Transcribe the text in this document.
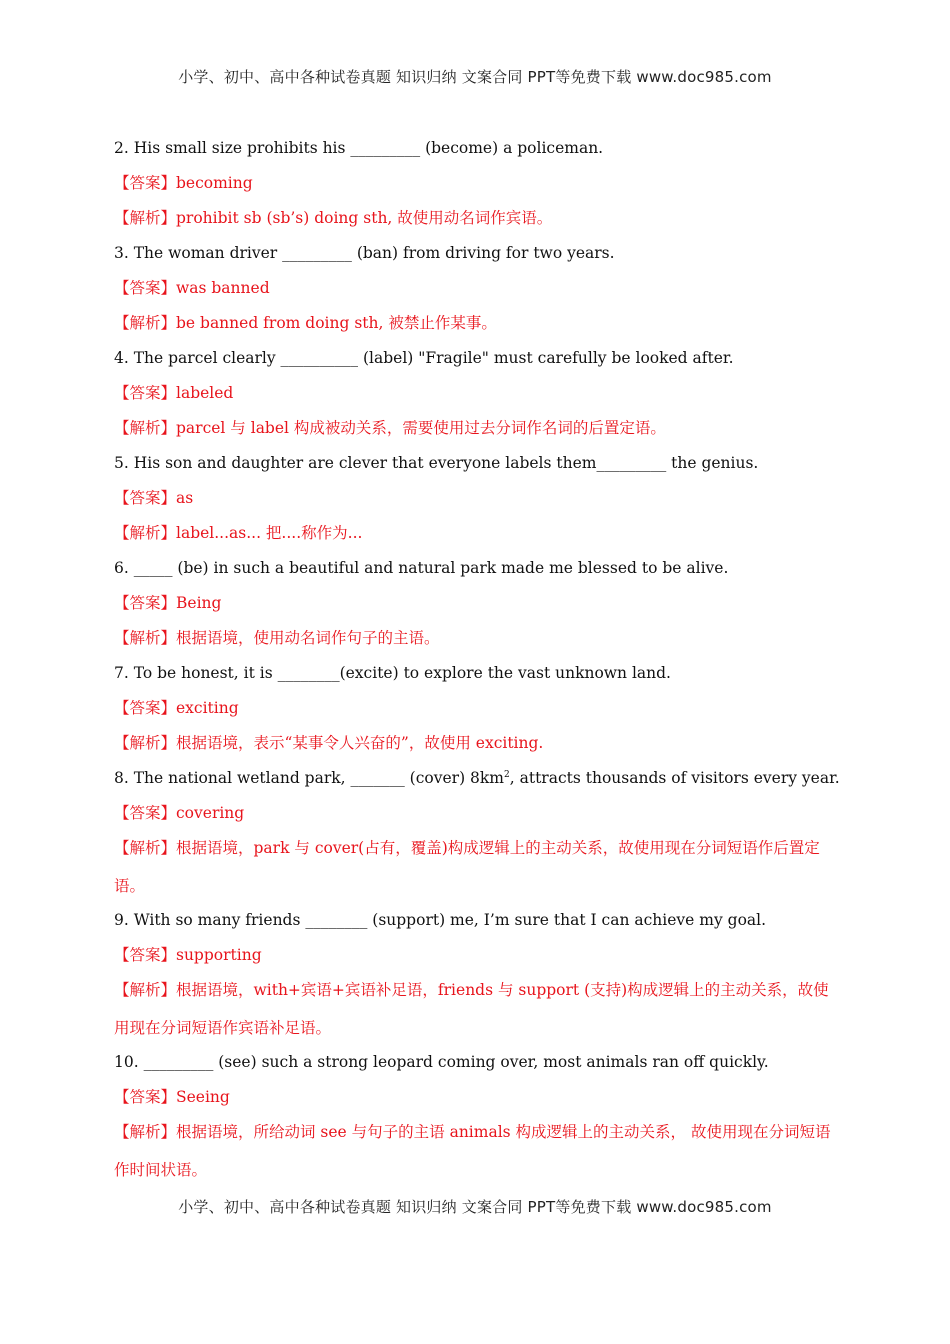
小学、初中、高中各种试卷真题 知识归纳 文案合同 PPT等免费下载 www.doc985.com

2. His small size prohibits his _________ (become) a policeman.

【答案】becoming

【解析】prohibit sb (sb’s) doing sth, 故使用动名词作宾语。

3. The woman driver _________ (ban) from driving for two years.

【答案】was banned

【解析】be banned from doing sth, 被禁止作某事。

4. The parcel clearly __________ (label) "Fragile" must carefully be looked after.

【答案】labeled

【解析】parcel 与 label 构成被动关系，需要使用过去分词作名词的后置定语。

5. His son and daughter are clever that everyone labels them_________ the genius.

【答案】as

【解析】label...as... 把....称作为...

6. _____ (be) in such a beautiful and natural park made me blessed to be alive.

【答案】Being

【解析】根据语境，使用动名词作句子的主语。

7. To be honest, it is ________(excite) to explore the vast unknown land.

【答案】exciting

【解析】根据语境，表示“某事令人兴奋的”，故使用 exciting.

8. The national wetland park, _______ (cover) $8km^2$, attracts thousands of visitors every year.

【答案】covering

【解析】根据语境，park 与 cover(占有，覆盖)构成逻辑上的主动关系，故使用现在分词短语作后置定语。

9. With so many friends ________ (support) me, I’m sure that I can achieve my goal.

【答案】supporting

【解析】根据语境，with+宾语+宾语补足语，friends 与 support (支持)构成逻辑上的主动关系，故使用现在分词短语作宾语补足语。

10. _________ (see) such a strong leopard coming over, most animals ran off quickly.

【答案】Seeing

【解析】根据语境，所给动词 see 与句子的主语 animals 构成逻辑上的主动关系， 故使用现在分词短语作时间状语。

小学、初中、高中各种试卷真题 知识归纳 文案合同 PPT等免费下载 www.doc985.com
